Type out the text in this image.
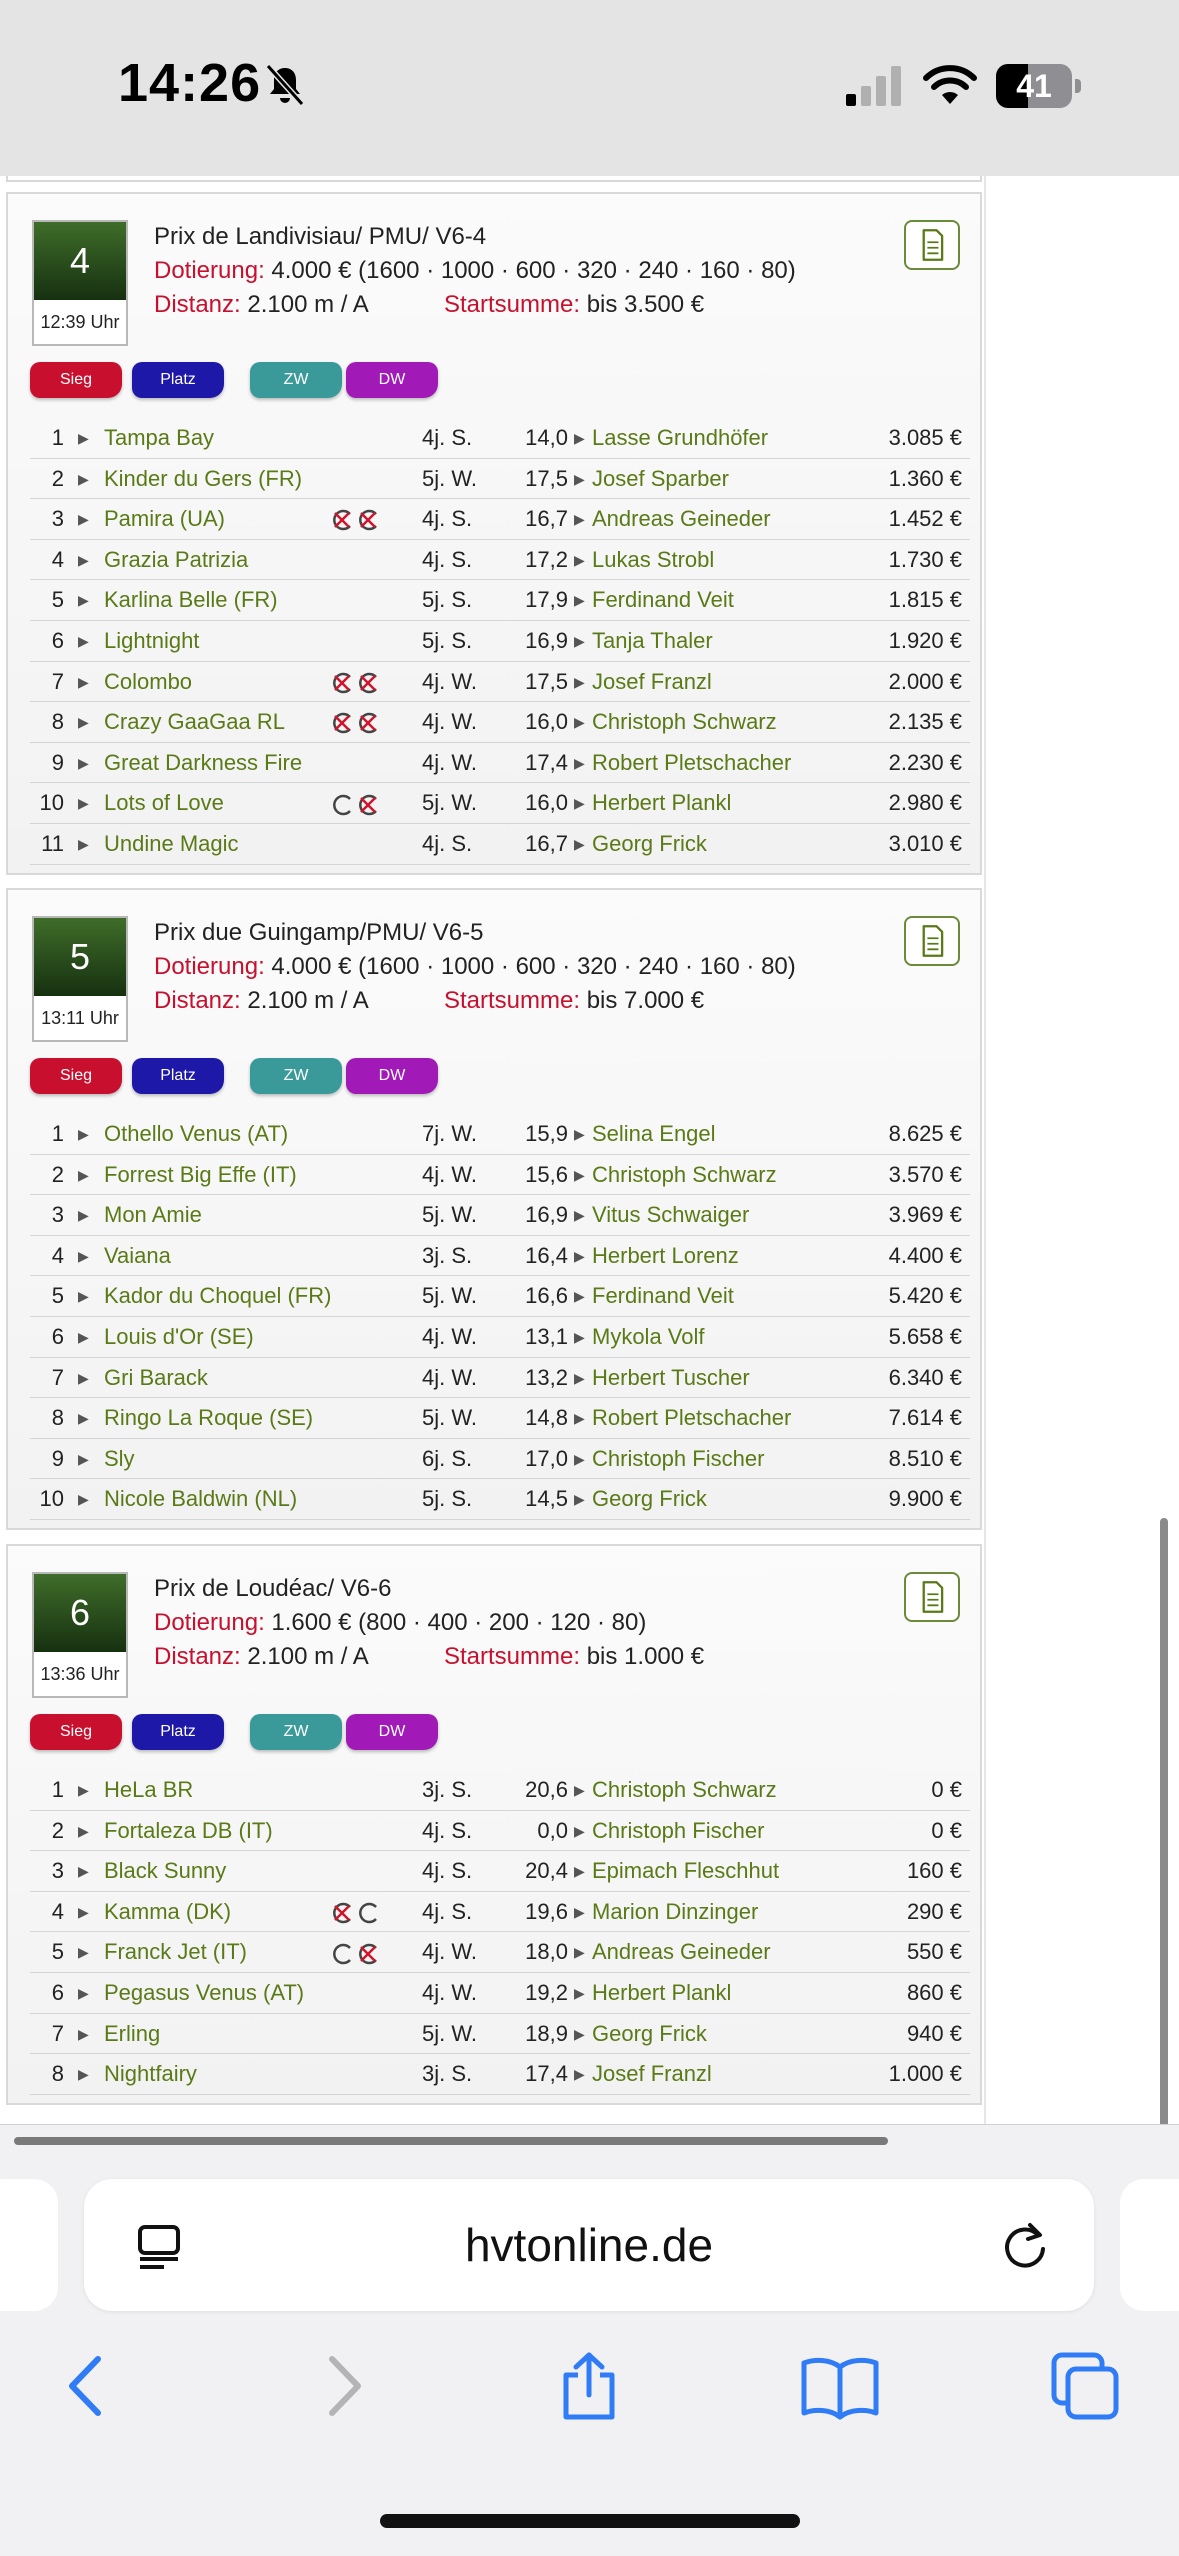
14:26	41
4
12:39 Uhr
Prix de Landivisiau/ PMU/ V6-4
Dotierung: 4.000 € (1600 · 1000 · 600 · 320 · 240 · 160 · 80)
Distanz: 2.100 m / A	Startsumme: bis 3.500 €
Sieg	Platz	ZW	DW
1 ▶ Tampa Bay	4j. S.	14,0 ▶ Lasse Grundhöfer	3.085 €
2 ▶ Kinder du Gers (FR)	5j. W.	17,5 ▶ Josef Sparber	1.360 €
3 ▶ Pamira (UA)	4j. S.	16,7 ▶ Andreas Geineder	1.452 €
4 ▶ Grazia Patrizia	4j. S.	17,2 ▶ Lukas Strobl	1.730 €
5 ▶ Karlina Belle (FR)	5j. S.	17,9 ▶ Ferdinand Veit	1.815 €
6 ▶ Lightnight	5j. S.	16,9 ▶ Tanja Thaler	1.920 €
7 ▶ Colombo	4j. W.	17,5 ▶ Josef Franzl	2.000 €
8 ▶ Crazy GaaGaa RL	4j. W.	16,0 ▶ Christoph Schwarz	2.135 €
9 ▶ Great Darkness Fire	4j. W.	17,4 ▶ Robert Pletschacher	2.230 €
10 ▶ Lots of Love	5j. W.	16,0 ▶ Herbert Plankl	2.980 €
11 ▶ Undine Magic	4j. S.	16,7 ▶ Georg Frick	3.010 €
5
13:11 Uhr
Prix due Guingamp/PMU/ V6-5
Dotierung: 4.000 € (1600 · 1000 · 600 · 320 · 240 · 160 · 80)
Distanz: 2.100 m / A	Startsumme: bis 7.000 €
Sieg	Platz	ZW	DW
1 ▶ Othello Venus (AT)	7j. W.	15,9 ▶ Selina Engel	8.625 €
2 ▶ Forrest Big Effe (IT)	4j. W.	15,6 ▶ Christoph Schwarz	3.570 €
3 ▶ Mon Amie	5j. W.	16,9 ▶ Vitus Schwaiger	3.969 €
4 ▶ Vaiana	3j. S.	16,4 ▶ Herbert Lorenz	4.400 €
5 ▶ Kador du Choquel (FR)	5j. W.	16,6 ▶ Ferdinand Veit	5.420 €
6 ▶ Louis d'Or (SE)	4j. W.	13,1 ▶ Mykola Volf	5.658 €
7 ▶ Gri Barack	4j. W.	13,2 ▶ Herbert Tuscher	6.340 €
8 ▶ Ringo La Roque (SE)	5j. W.	14,8 ▶ Robert Pletschacher	7.614 €
9 ▶ Sly	6j. S.	17,0 ▶ Christoph Fischer	8.510 €
10 ▶ Nicole Baldwin (NL)	5j. S.	14,5 ▶ Georg Frick	9.900 €
6
13:36 Uhr
Prix de Loudéac/ V6-6
Dotierung: 1.600 € (800 · 400 · 200 · 120 · 80)
Distanz: 2.100 m / A	Startsumme: bis 1.000 €
Sieg	Platz	ZW	DW
1 ▶ HeLa BR	3j. S.	20,6 ▶ Christoph Schwarz	0 €
2 ▶ Fortaleza DB (IT)	4j. S.	0,0 ▶ Christoph Fischer	0 €
3 ▶ Black Sunny	4j. S.	20,4 ▶ Epimach Fleschhut	160 €
4 ▶ Kamma (DK)	4j. S.	19,6 ▶ Marion Dinzinger	290 €
5 ▶ Franck Jet (IT)	4j. W.	18,0 ▶ Andreas Geineder	550 €
6 ▶ Pegasus Venus (AT)	4j. W.	19,2 ▶ Herbert Plankl	860 €
7 ▶ Erling	5j. W.	18,9 ▶ Georg Frick	940 €
8 ▶ Nightfairy	3j. S.	17,4 ▶ Josef Franzl	1.000 €
hvtonline.de
